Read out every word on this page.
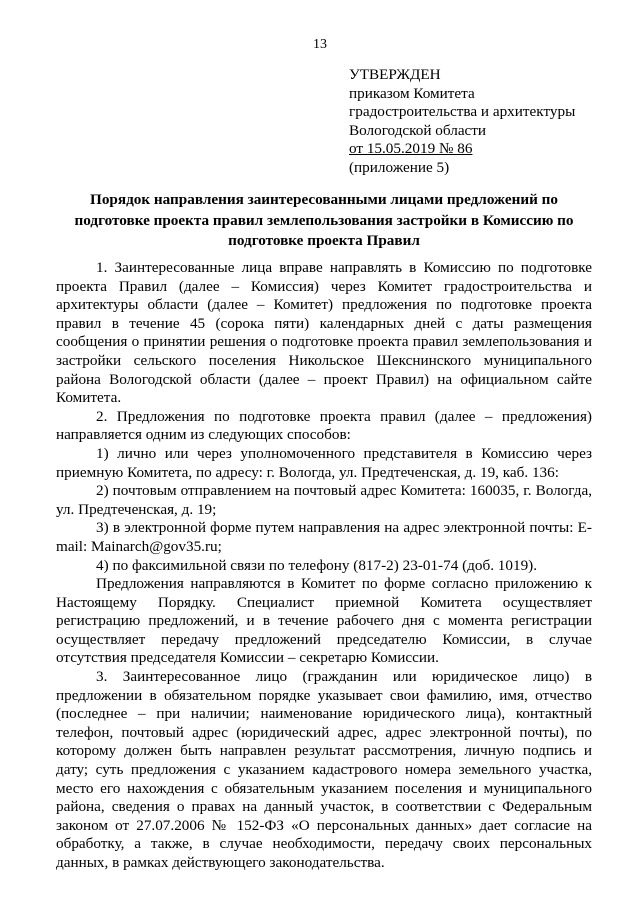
13
УТВЕРЖДЕН
приказом Комитета
градостроительства и архитектуры
Вологодской области
от 15.05.2019 № 86
(приложение 5)
Порядок направления заинтересованными лицами предложений по подготовке проекта правил землепользования застройки в Комиссию по подготовке проекта Правил

1. Заинтересованные лица вправе направлять в Комиссию по подготовке проекта Правил (далее – Комиссия) через Комитет градостроительства и архитектуры области (далее – Комитет) предложения по подготовке проекта правил в течение 45 (сорока пяти) календарных дней с даты размещения сообщения о принятии решения о подготовке проекта правил землепользования и застройки сельского поселения Никольское Шекснинского муниципального района Вологодской области (далее – проект Правил) на официальном сайте Комитета.

2. Предложения по подготовке проекта правил (далее – предложения) направляется одним из следующих способов:

1) лично или через уполномоченного представителя в Комиссию через приемную Комитета, по адресу: г. Вологда, ул. Предтеченская, д. 19, каб. 136:

2) почтовым отправлением на почтовый адрес Комитета: 160035, г. Вологда, ул. Предтеченская, д. 19;

3) в электронной форме путем направления на адрес электронной почты: E-mail: Mainarch@gov35.ru;

4) по факсимильной связи по телефону (817-2) 23-01-74 (доб. 1019).

Предложения направляются в Комитет по форме согласно приложению к Настоящему Порядку. Специалист приемной Комитета осуществляет регистрацию предложений, и в течение рабочего дня с момента регистрации осуществляет передачу предложений председателю Комиссии, в случае отсутствия председателя Комиссии – секретарю Комиссии.

3. Заинтересованное лицо (гражданин или юридическое лицо) в предложении в обязательном порядке указывает свои фамилию, имя, отчество (последнее – при наличии; наименование юридического лица), контактный телефон, почтовый адрес (юридический адрес, адрес электронной почты), по которому должен быть направлен результат рассмотрения, личную подпись и дату; суть предложения с указанием кадастрового номера земельного участка, место его нахождения с обязательным указанием поселения и муниципального района, сведения о правах на данный участок, в соответствии с Федеральным законом от 27.07.2006 № 152-ФЗ «О персональных данных» дает согласие на обработку, а также, в случае необходимости, передачу своих персональных данных, в рамках действующего законодательства.
